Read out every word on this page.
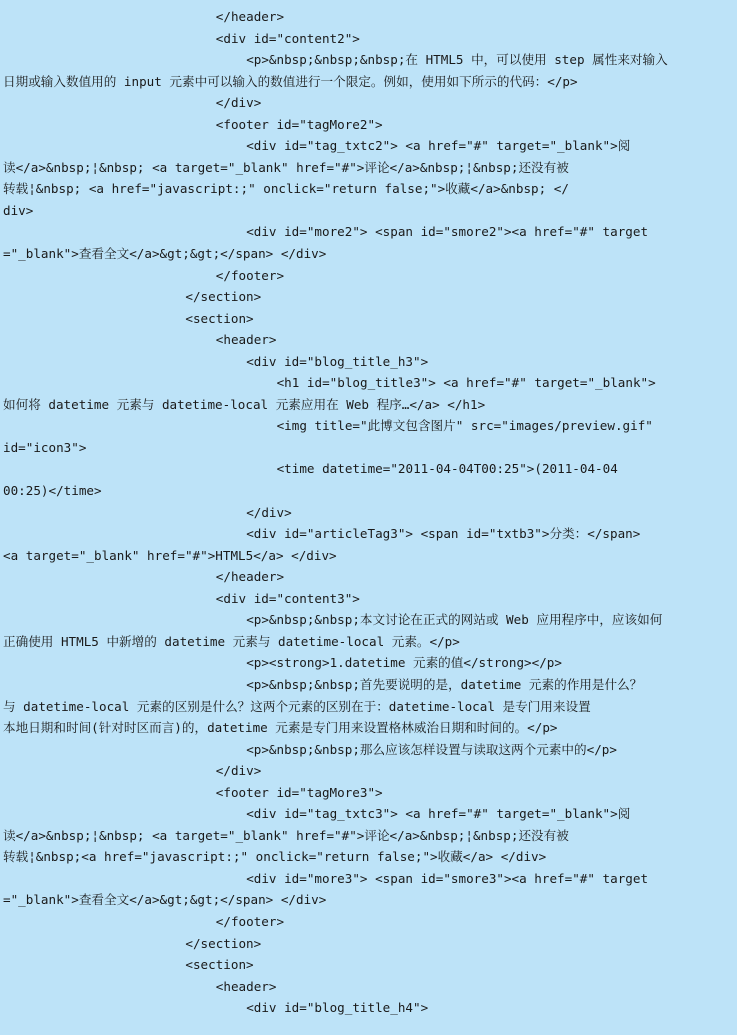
</header>
<div id="content2">
<p>&nbsp;&nbsp;&nbsp;在 HTML5 中，可以使用 step 属性来对输入
日期或输入数值用的 input 元素中可以输入的数值进行一个限定。例如，使用如下所示的代码：</p>
</div>
<footer id="tagMore2">
<div id="tag_txtc2"> <a href="#" target="_blank">阅
读</a>&nbsp;¦&nbsp; <a target="_blank" href="#">评论</a>&nbsp;¦&nbsp;还没有被
转载¦&nbsp; <a href="javascript:;" onclick="return false;">收藏</a>&nbsp; </
div>
<div id="more2"> <span id="smore2"><a href="#" target
="_blank">查看全文</a>&gt;&gt;</span> </div>
</footer>
</section>
<section>
<header>
<div id="blog_title_h3">
<h1 id="blog_title3"> <a href="#" target="_blank">
如何将 datetime 元素与 datetime-local 元素应用在 Web 程序…</a> </h1>
<img title="此博文包含图片" src="images/preview.gif"
id="icon3">
<time datetime="2011-04-04T00:25">(2011-04-04
00:25)</time>
</div>
<div id="articleTag3"> <span id="txtb3">分类：</span>
<a target="_blank" href="#">HTML5</a> </div>
</header>
<div id="content3">
<p>&nbsp;&nbsp;本文讨论在正式的网站或 Web 应用程序中，应该如何
正确使用 HTML5 中新增的 datetime 元素与 datetime-local 元素。</p>
<p><strong>1.datetime 元素的值</strong></p>
<p>&nbsp;&nbsp;首先要说明的是，datetime 元素的作用是什么？
与 datetime-local 元素的区别是什么？这两个元素的区别在于：datetime-local 是专门用来设置
本地日期和时间(针对时区而言)的，datetime 元素是专门用来设置格林威治日期和时间的。</p>
<p>&nbsp;&nbsp;那么应该怎样设置与读取这两个元素中的</p>
</div>
<footer id="tagMore3">
<div id="tag_txtc3"> <a href="#" target="_blank">阅
读</a>&nbsp;¦&nbsp; <a target="_blank" href="#">评论</a>&nbsp;¦&nbsp;还没有被
转载¦&nbsp;<a href="javascript:;" onclick="return false;">收藏</a> </div>
<div id="more3"> <span id="smore3"><a href="#" target
="_blank">查看全文</a>&gt;&gt;</span> </div>
</footer>
</section>
<section>
<header>
<div id="blog_title_h4">
